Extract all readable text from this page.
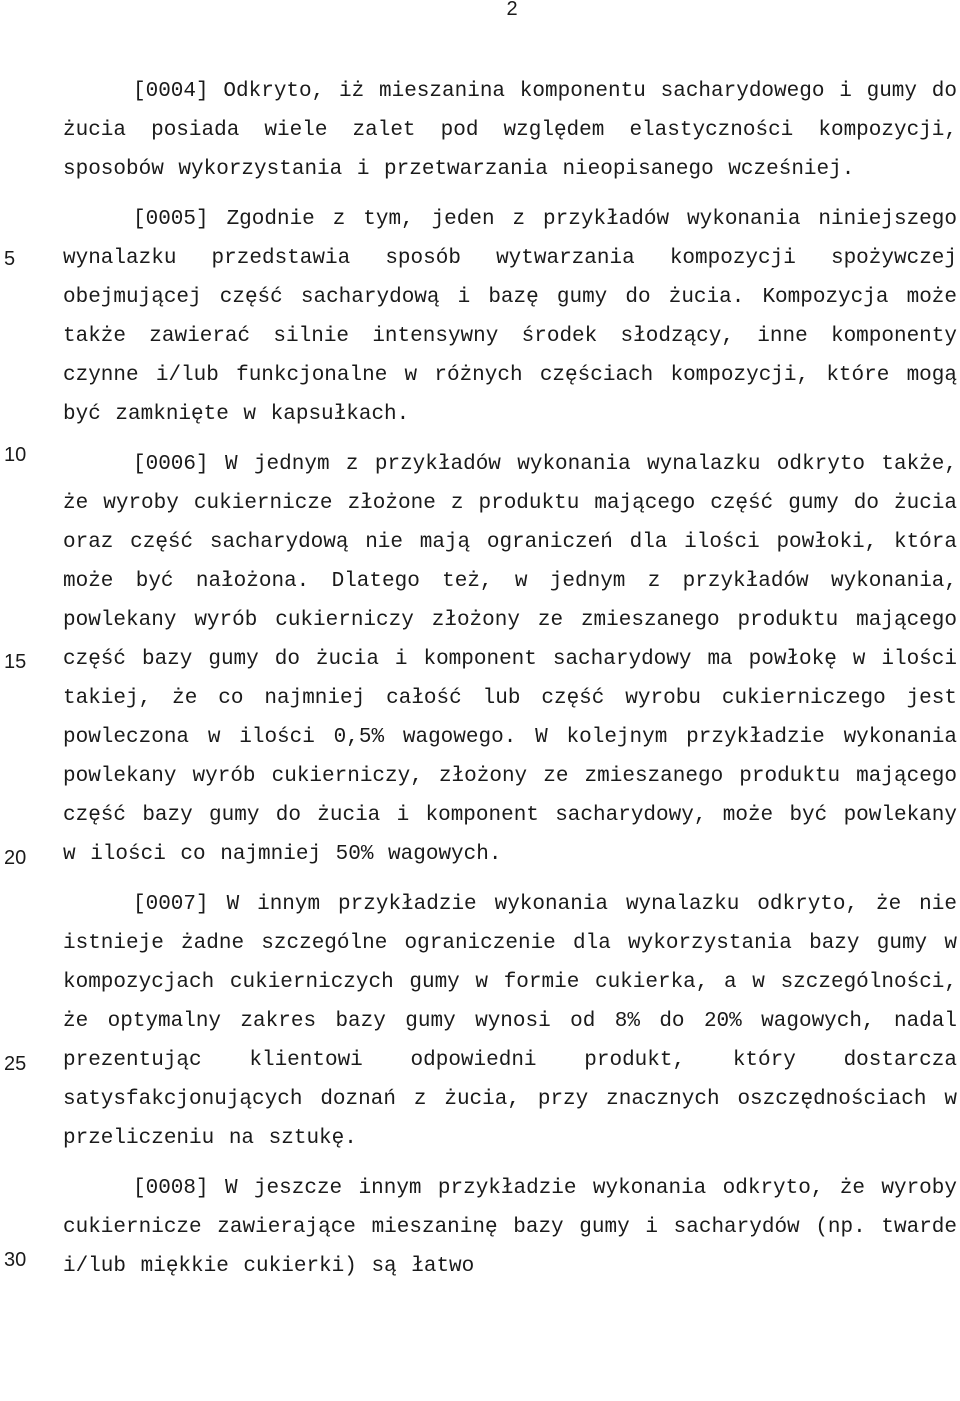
2
5
10
15
20
25
30

[0004] Odkryto, iż mieszanina komponentu sacharydowego i gumy do żucia posiada wiele zalet pod względem elastyczności kompozycji, sposobów wykorzystania i przetwarzania nieopisanego wcześniej.

[0005] Zgodnie z tym, jeden z przykładów wykonania niniejszego wynalazku przedstawia sposób wytwarzania kompozycji spożywczej obejmującej część sacharydową i bazę gumy do żucia. Kompozycja może także zawierać silnie intensywny środek słodzący, inne komponenty czynne i/lub funkcjonalne w różnych częściach kompozycji, które mogą być zamknięte w kapsułkach.

[0006] W jednym z przykładów wykonania wynalazku odkryto także, że wyroby cukiernicze złożone z produktu mającego część gumy do żucia oraz część sacharydową nie mają ograniczeń dla ilości powłoki, która może być nałożona. Dlatego też, w jednym z przykładów wykonania, powlekany wyrób cukierniczy złożony ze zmieszanego produktu mającego część bazy gumy do żucia i komponent sacharydowy ma powłokę w ilości takiej, że co najmniej całość lub część wyrobu cukierniczego jest powleczona w ilości 0,5% wagowego. W kolejnym przykładzie wykonania powlekany wyrób cukierniczy, złożony ze zmieszanego produktu mającego część bazy gumy do żucia i komponent sacharydowy, może być powlekany w ilości co najmniej 50% wagowych.

[0007] W innym przykładzie wykonania wynalazku odkryto, że nie istnieje żadne szczególne ograniczenie dla wykorzystania bazy gumy w kompozycjach cukierniczych gumy w formie cukierka, a w szczególności, że optymalny zakres bazy gumy wynosi od 8% do 20% wagowych, nadal prezentując klientowi odpowiedni produkt, który dostarcza satysfakcjonujących doznań z żucia, przy znacznych oszczędnościach w przeliczeniu na sztukę.

[0008] W jeszcze innym przykładzie wykonania odkryto, że wyroby cukiernicze zawierające mieszaninę bazy gumy i sacharydów (np. twarde i/lub miękkie cukierki) są łatwo
